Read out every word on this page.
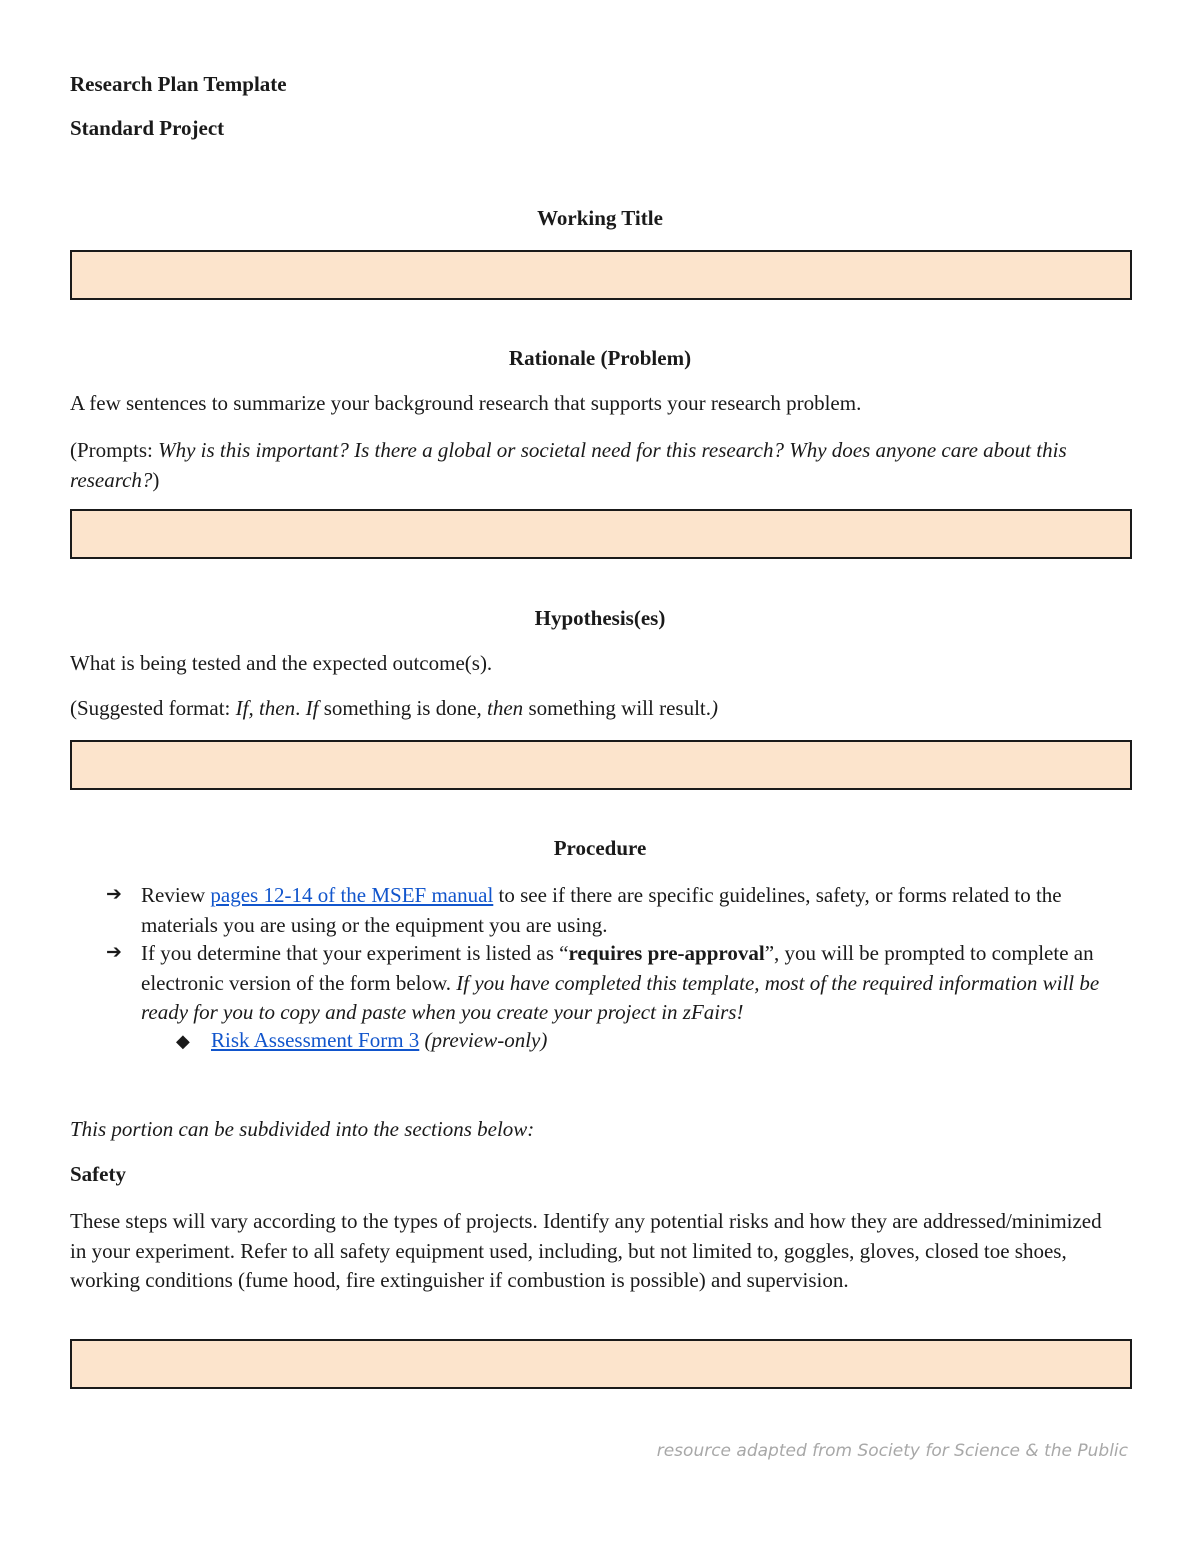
Research Plan Template
Standard Project
Working Title
Rationale (Problem)
A few sentences to summarize your background research that supports your research problem.
(Prompts: Why is this important? Is there a global or societal need for this research? Why does anyone care about this research?)
Hypothesis(es)
What is being tested and the expected outcome(s).
(Suggested format: If, then. If something is done, then something will result.)
Procedure
➔ Review pages 12-14 of the MSEF manual to see if there are specific guidelines, safety, or forms related to the materials you are using or the equipment you are using.
➔ If you determine that your experiment is listed as “requires pre-approval”, you will be prompted to complete an electronic version of the form below. If you have completed this template, most of the required information will be ready for you to copy and paste when you create your project in zFairs!
◆ Risk Assessment Form 3 (preview-only)
This portion can be subdivided into the sections below:
Safety
These steps will vary according to the types of projects. Identify any potential risks and how they are addressed/minimized in your experiment. Refer to all safety equipment used, including, but not limited to, goggles, gloves, closed toe shoes, working conditions (fume hood, fire extinguisher if combustion is possible) and supervision.
resource adapted from Society for Science & the Public
